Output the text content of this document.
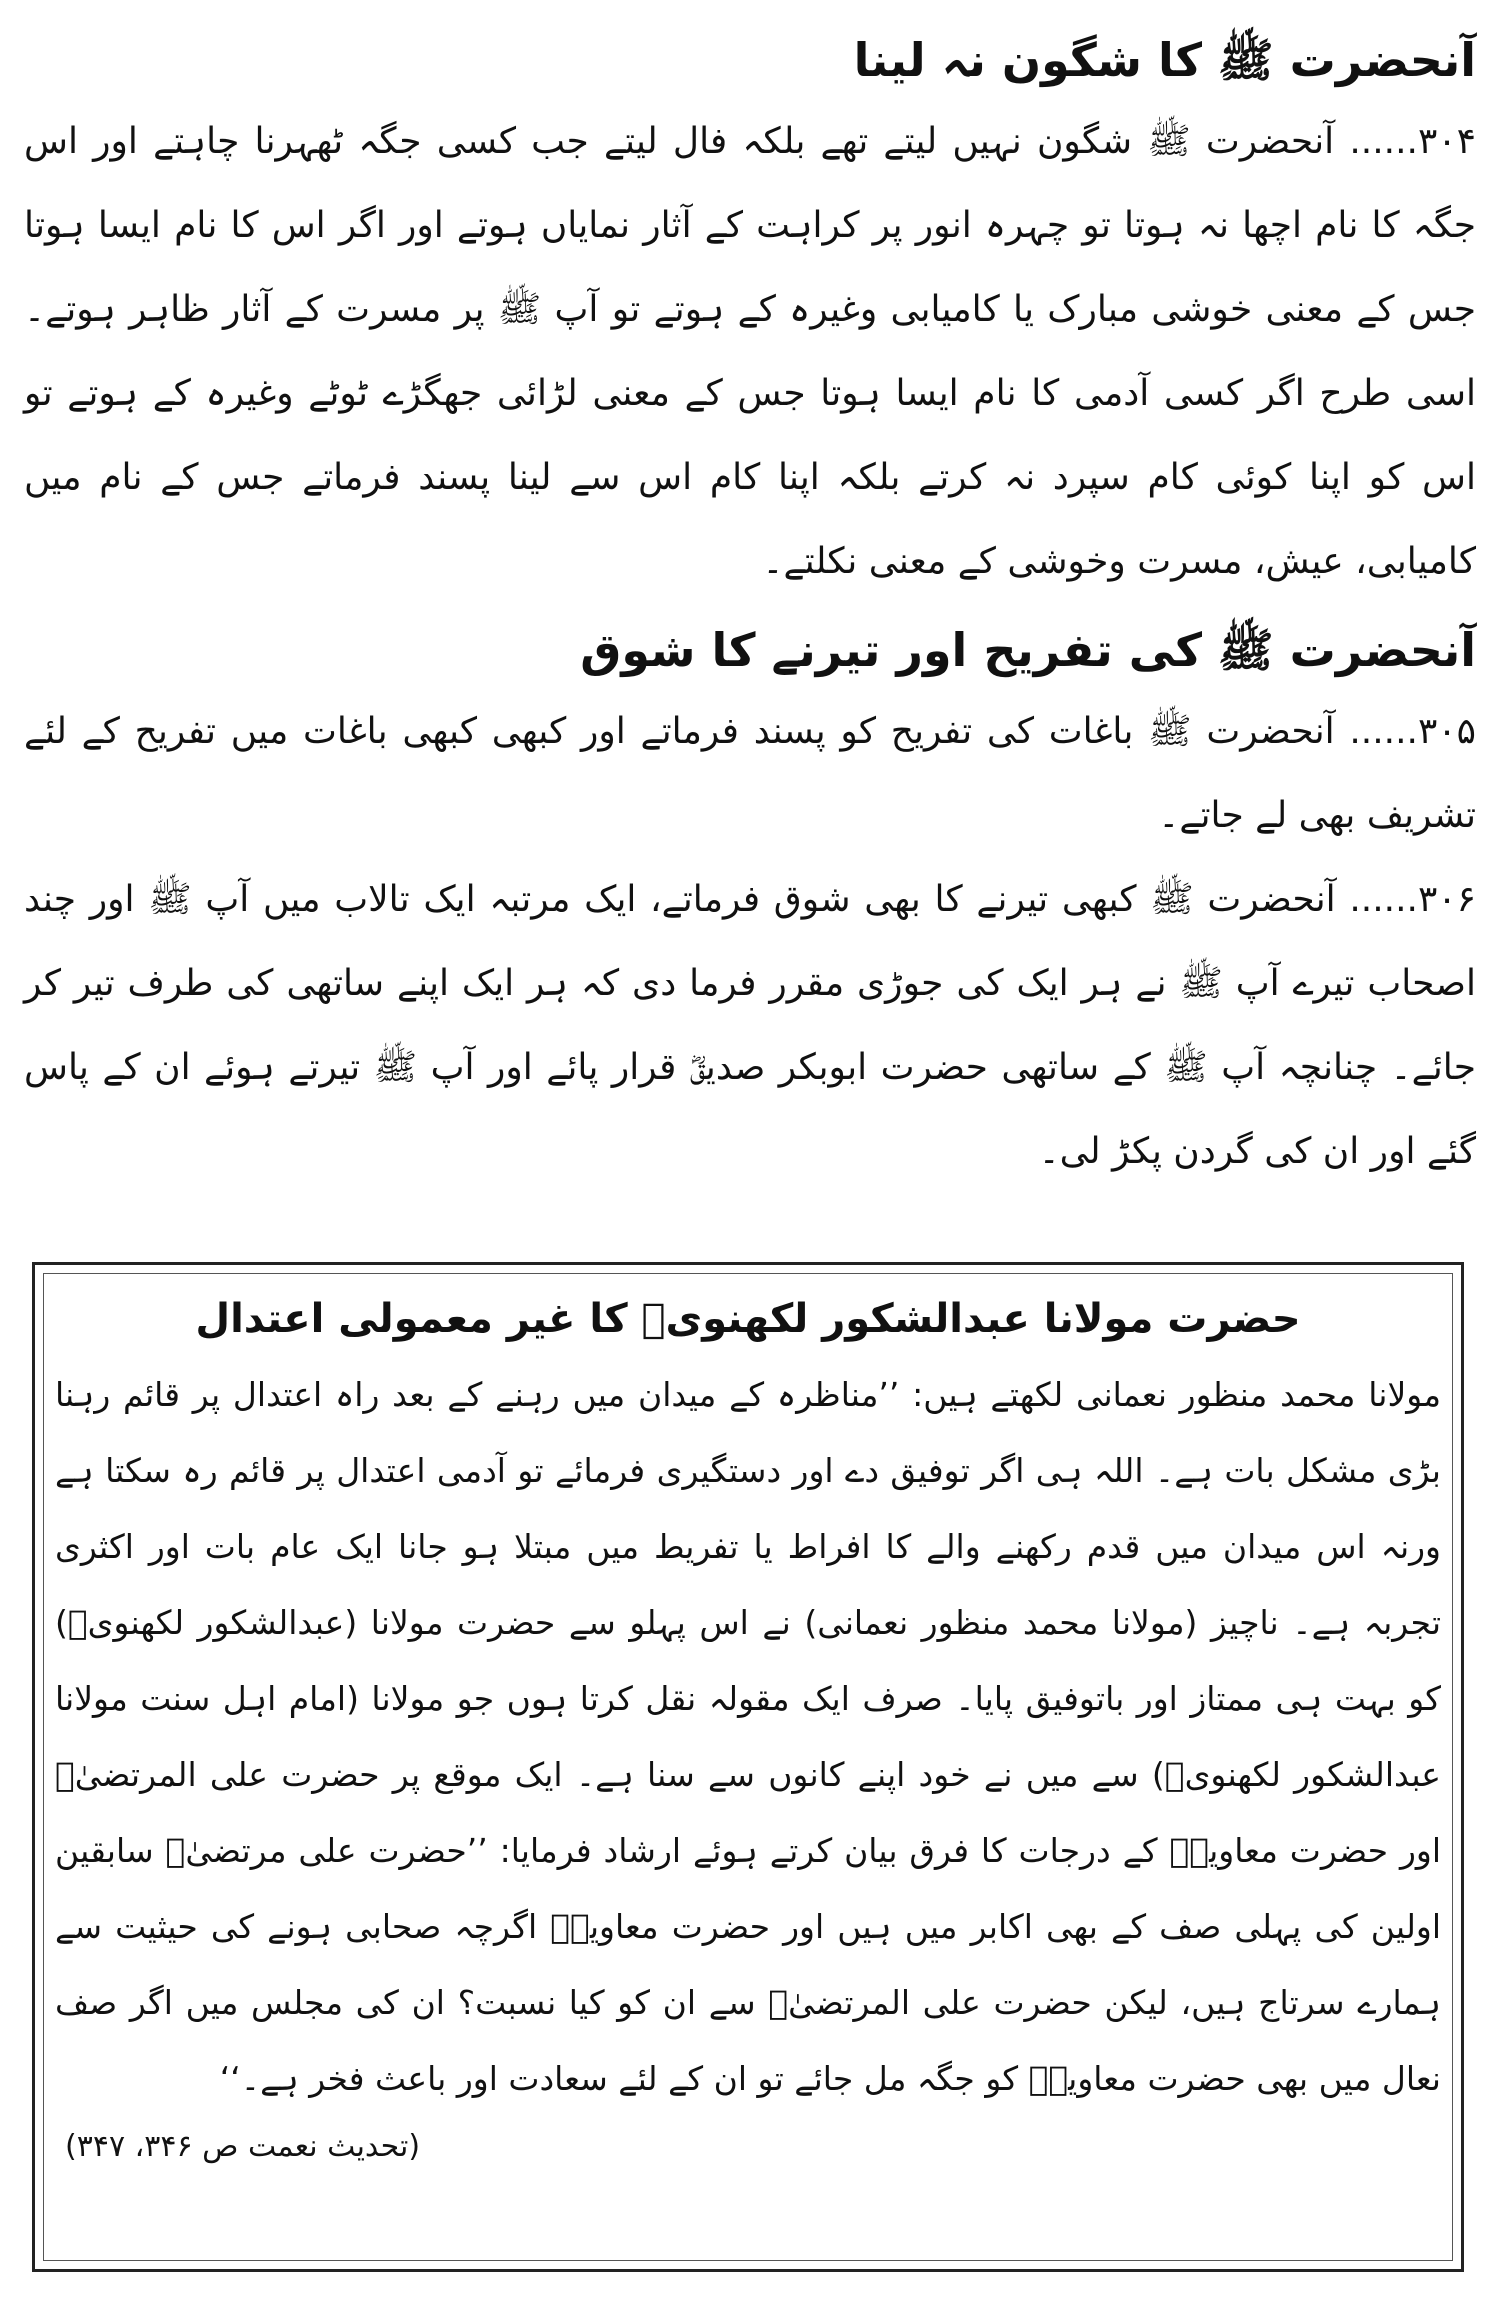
آنحضرت ﷺ کا شگون نہ لینا

۳۰۴...... آنحضرت ﷺ شگون نہیں لیتے تھے بلکہ فال لیتے جب کسی جگہ ٹھہرنا چاہتے اور اس جگہ کا نام اچھا نہ ہوتا تو چہرہ انور پر کراہت کے آثار نمایاں ہوتے اور اگر اس کا نام ایسا ہوتا جس کے معنی خوشی مبارک یا کامیابی وغیرہ کے ہوتے تو آپ ﷺ پر مسرت کے آثار ظاہر ہوتے۔ اسی طرح اگر کسی آدمی کا نام ایسا ہوتا جس کے معنی لڑائی جھگڑے ٹوٹے وغیرہ کے ہوتے تو اس کو اپنا کوئی کام سپرد نہ کرتے بلکہ اپنا کام اس سے لینا پسند فرماتے جس کے نام میں کامیابی، عیش، مسرت وخوشی کے معنی نکلتے۔

آنحضرت ﷺ کی تفریح اور تیرنے کا شوق

۳۰۵...... آنحضرت ﷺ باغات کی تفریح کو پسند فرماتے اور کبھی کبھی باغات میں تفریح کے لئے تشریف بھی لے جاتے۔

۳۰۶...... آنحضرت ﷺ کبھی تیرنے کا بھی شوق فرماتے، ایک مرتبہ ایک تالاب میں آپ ﷺ اور چند اصحاب تیرے آپ ﷺ نے ہر ایک کی جوڑی مقرر فرما دی کہ ہر ایک اپنے ساتھی کی طرف تیر کر جائے۔ چنانچہ آپ ﷺ کے ساتھی حضرت ابوبکر صدیقؓ قرار پائے اور آپ ﷺ تیرتے ہوئے ان کے پاس گئے اور ان کی گردن پکڑ لی۔

حضرت مولانا عبدالشکور لکھنویؒ کا غیر معمولی اعتدال

مولانا محمد منظور نعمانی لکھتے ہیں: ’’مناظرہ کے میدان میں رہنے کے بعد راہ اعتدال پر قائم رہنا بڑی مشکل بات ہے۔ اللہ ہی اگر توفیق دے اور دستگیری فرمائے تو آدمی اعتدال پر قائم رہ سکتا ہے ورنہ اس میدان میں قدم رکھنے والے کا افراط یا تفریط میں مبتلا ہو جانا ایک عام بات اور اکثری تجربہ ہے۔ ناچیز (مولانا محمد منظور نعمانی) نے اس پہلو سے حضرت مولانا (عبدالشکور لکھنویؒ) کو بہت ہی ممتاز اور باتوفیق پایا۔ صرف ایک مقولہ نقل کرتا ہوں جو مولانا (امام اہل سنت مولانا عبدالشکور لکھنویؒ) سے میں نے خود اپنے کانوں سے سنا ہے۔ ایک موقع پر حضرت علی المرتضیٰؓ اور حضرت معاویہؓ کے درجات کا فرق بیان کرتے ہوئے ارشاد فرمایا: ’’حضرت علی مرتضیٰؓ سابقین اولین کی پہلی صف کے بھی اکابر میں ہیں اور حضرت معاویہؓ اگرچہ صحابی ہونے کی حیثیت سے ہمارے سرتاج ہیں، لیکن حضرت علی المرتضیٰؓ سے ان کو کیا نسبت؟ ان کی مجلس میں اگر صف نعال میں بھی حضرت معاویہؓ کو جگہ مل جائے تو ان کے لئے سعادت اور باعث فخر ہے۔‘‘

(تحدیث نعمت ص ۳۴۶، ۳۴۷)
